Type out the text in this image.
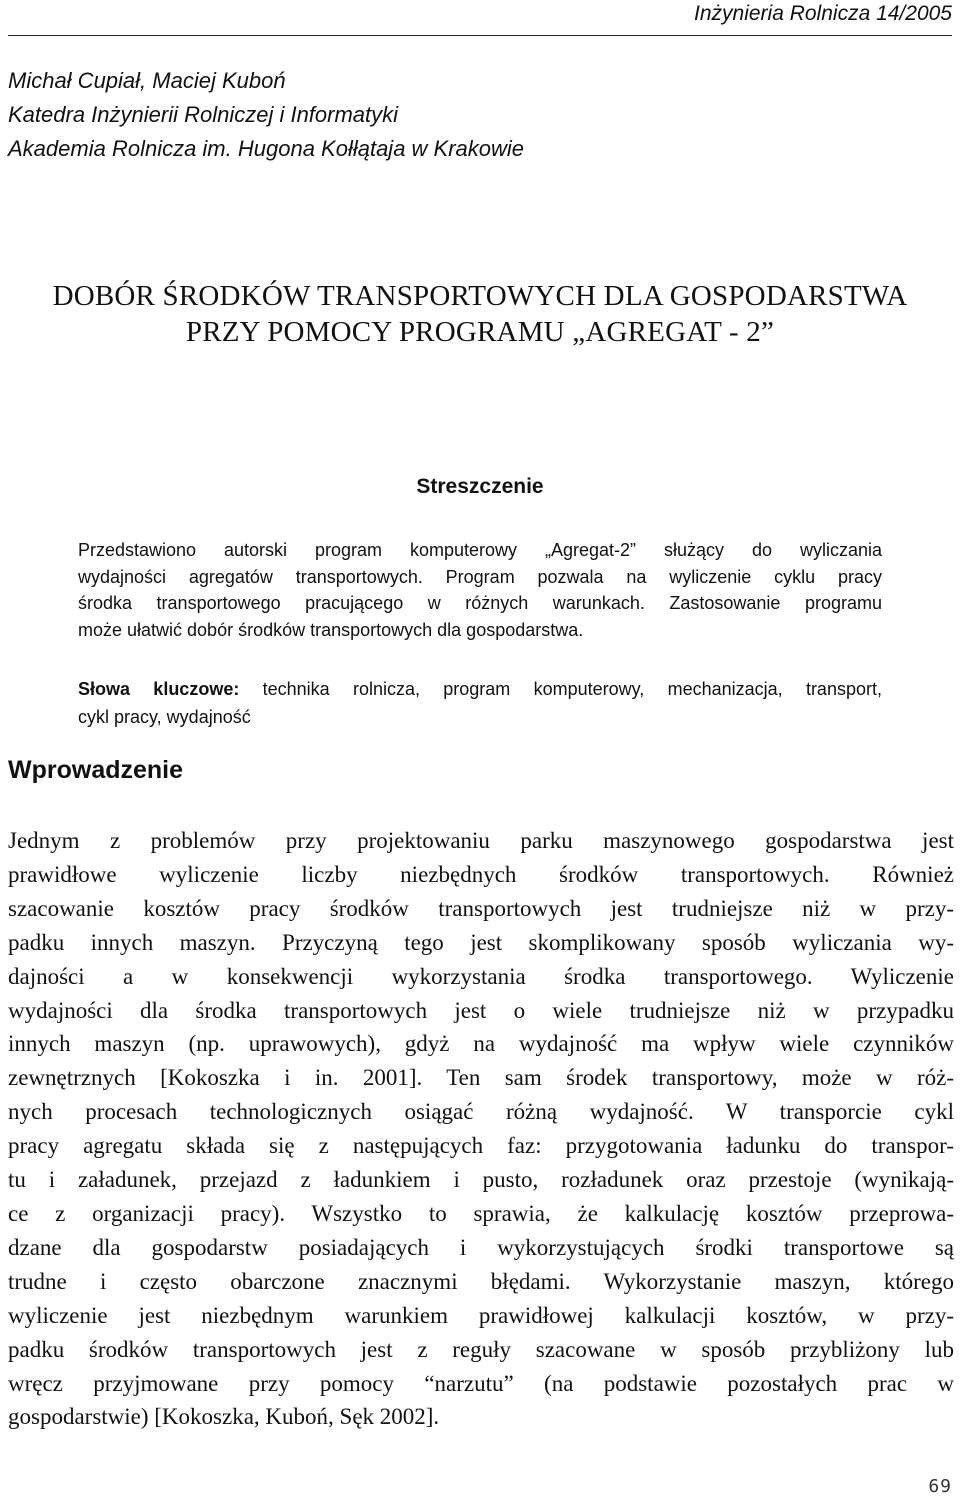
Inżynieria Rolnicza 14/2005
Michał Cupiał, Maciej Kuboń
Katedra Inżynierii Rolniczej i Informatyki
Akademia Rolnicza im. Hugona Kołłątaja w Krakowie
DOBÓR ŚRODKÓW TRANSPORTOWYCH DLA GOSPODARSTWA
PRZY POMOCY PROGRAMU „AGREGAT - 2”
Streszczenie
Przedstawiono autorski program komputerowy „Agregat-2” służący do wyliczania
wydajności agregatów transportowych. Program pozwala na wyliczenie cyklu pracy
środka transportowego pracującego w różnych warunkach. Zastosowanie programu
może ułatwić dobór środków transportowych dla gospodarstwa.
Słowa kluczowe: technika rolnicza, program komputerowy, mechanizacja, transport,
cykl pracy, wydajność
Wprowadzenie
Jednym z problemów przy projektowaniu parku maszynowego gospodarstwa jest
prawidłowe wyliczenie liczby niezbędnych środków transportowych. Również
szacowanie kosztów pracy środków transportowych jest trudniejsze niż w przy-
padku innych maszyn. Przyczyną tego jest skomplikowany sposób wyliczania wy-
dajności a w konsekwencji wykorzystania środka transportowego. Wyliczenie
wydajności dla środka transportowych jest o wiele trudniejsze niż w przypadku
innych maszyn (np. uprawowych), gdyż na wydajność ma wpływ wiele czynników
zewnętrznych [Kokoszka i in. 2001]. Ten sam środek transportowy, może w róż-
nych procesach technologicznych osiągać różną wydajność. W transporcie cykl
pracy agregatu składa się z następujących faz: przygotowania ładunku do transpor-
tu i załadunek, przejazd z ładunkiem i pusto, rozładunek oraz przestoje (wynikają-
ce z organizacji pracy). Wszystko to sprawia, że kalkulację kosztów przeprowa-
dzane dla gospodarstw posiadających i wykorzystujących środki transportowe są
trudne i często obarczone znacznymi błędami. Wykorzystanie maszyn, którego
wyliczenie jest niezbędnym warunkiem prawidłowej kalkulacji kosztów, w przy-
padku środków transportowych jest z reguły szacowane w sposób przybliżony lub
wręcz przyjmowane przy pomocy “narzutu” (na podstawie pozostałych prac w
gospodarstwie) [Kokoszka, Kuboń, Sęk 2002].
69
